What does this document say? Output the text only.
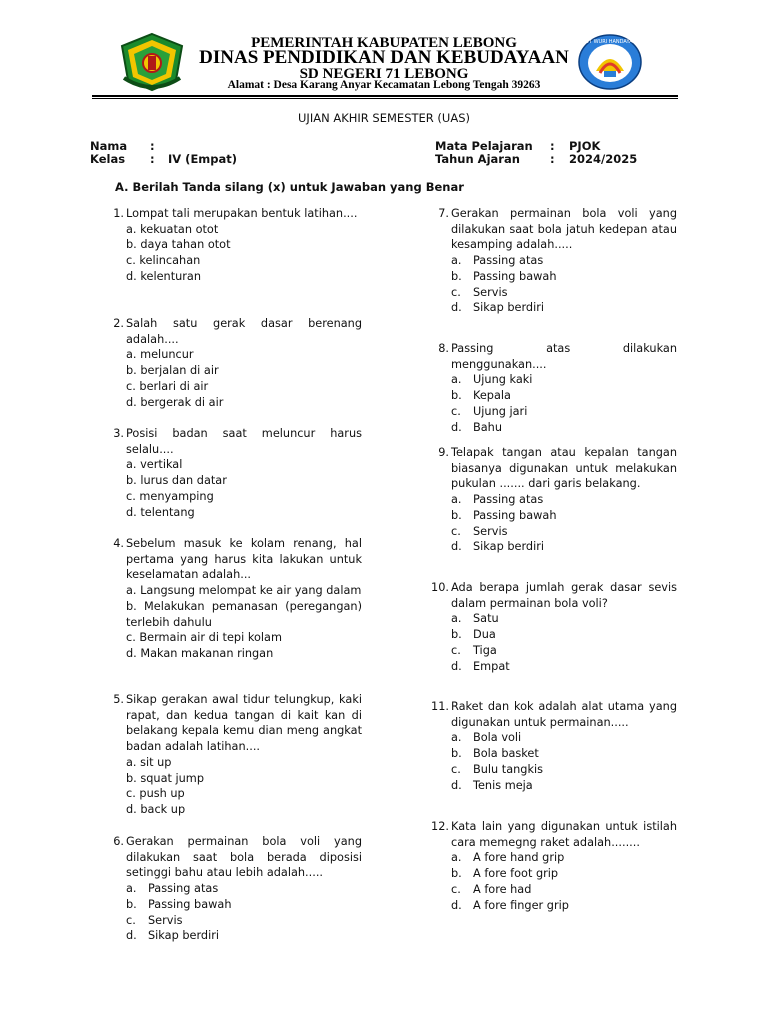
TUT WURI HANDAYANI
PEMERINTAH KABUPATEN LEBONG
DINAS PENDIDIKAN DAN KEBUDAYAAN
SD NEGERI 71 LEBONG
Alamat : Desa Karang Anyar Kecamatan Lebong Tengah 39263
UJIAN AKHIR SEMESTER (UAS)
Nama :
Kelas : IV (Empat)
Mata Pelajaran : PJOK
Tahun Ajaran	: 2024/2025
A. Berilah Tanda silang (x) untuk Jawaban yang Benar
1. Lompat tali merupakan bentuk latihan....
a. kekuatan otot
b. daya tahan otot
c. kelincahan
d. kelenturan
2. Salah satu gerak dasar berenang adalah....
a. meluncur
b. berjalan di air
c. berlari di air
d. bergerak di air
3. Posisi badan saat meluncur harus selalu....
a. vertikal
b. lurus dan datar
c. menyamping
d. telentang
4. Sebelum masuk ke kolam renang, hal pertama yang harus kita lakukan untuk keselamatan adalah...
a. Langsung melompat ke air yang dalam
b. Melakukan pemanasan (peregangan) terlebih dahulu
c. Bermain air di tepi kolam
d. Makan makanan ringan
5. Sikap gerakan awal tidur telungkup, kaki rapat, dan kedua tangan di kait kan di belakang kepala kemu dian meng angkat badan adalah latihan....
a. sit up
b. squat jump
c. push up
d. back up
6. Gerakan permainan bola voli yang dilakukan saat bola berada diposisi setinggi bahu atau lebih adalah.....
a.	Passing atas
b. Passing bawah
c.	Servis
d. Sikap berdiri
7. Gerakan permainan bola voli yang dilakukan saat bola jatuh kedepan atau kesamping adalah.....
a.	Passing atas
b. Passing bawah
c.	Servis
d. Sikap berdiri
8. Passing atas dilakukan menggunakan....
a.	Ujung kaki
b. Kepala
c.	Ujung jari
d. Bahu
9. Telapak tangan atau kepalan tangan biasanya digunakan untuk melakukan pukulan ....... dari garis belakang.
a.	Passing atas
b. Passing bawah
c.	Servis
d. Sikap berdiri
10. Ada berapa jumlah gerak dasar sevis dalam permainan bola voli?
a.	Satu
b. Dua
c.	Tiga
d. Empat
11. Raket dan kok adalah alat utama yang digunakan untuk permainan.....
a.	Bola voli
b. Bola basket
c.	Bulu tangkis
d. Tenis meja
12. Kata lain yang digunakan untuk istilah cara memegng raket adalah........
a.	A fore hand grip
b. A fore foot grip
c.	A fore had
d. A fore finger grip
